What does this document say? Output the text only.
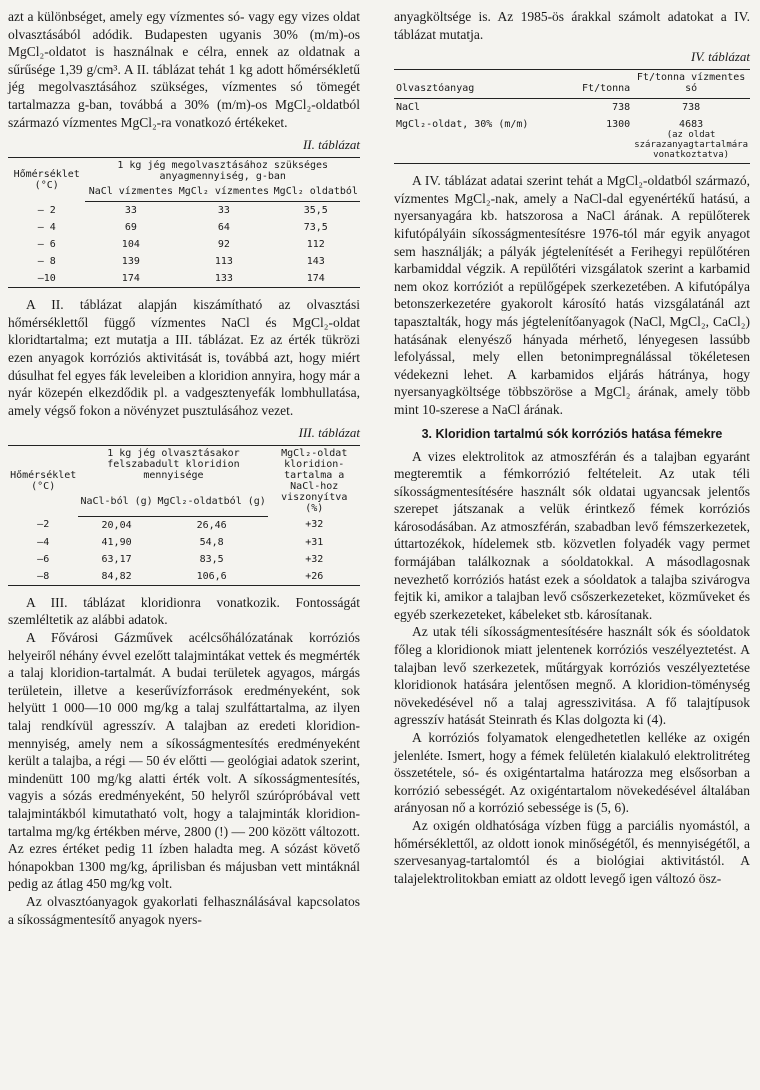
azt a különbséget, amely egy vízmentes só- vagy egy vizes oldat olvasztásából adódik. Budapesten ugyanis 30% (m/m)-os MgCl₂-oldatot is használnak e célra, ennek az oldatnak a sűrűsége 1,39 g/cm³. A II. táblázat tehát 1 kg adott hőmérsékletű jég megolvasztásához szükséges, vízmentes só tömegét tartalmazza g-ban, továbbá a 30% (m/m)-os MgCl₂-oldatból származó vízmentes MgCl₂-ra vonatkozó értékeket.

II. táblázat
Hőmérséklet (°C)	1 kg jég megolvasztásához szükséges anyagmennyiség, g-ban		
	NaCl vízmentes	MgCl₂ vízmentes	MgCl₂ oldatból
— 2	33	33	35,5
— 4	69	64	73,5
— 6	104	92	112
— 8	139	113	143
—10	174	133	174

A II. táblázat alapján kiszámítható az olvasztási hőmérséklettől függő vízmentes NaCl és MgCl₂-oldat kloridtartalma; ezt mutatja a III. táblázat. Ez az érték tükrözi ezen anyagok korróziós aktivitását is, továbbá azt, hogy miért dúsulhat fel egyes fák leveleiben a kloridion annyira, hogy már a nyár közepén elkezdődik pl. a vadgesztenyefák lombhullatása, amely végső fokon a növényzet pusztulásához vezet.

III. táblázat
Hőmérséklet (°C)	1 kg jég olvasztásakor felszabadult kloridion mennyisége		MgCl₂-oldat kloridion-tartalma a NaCl-hoz viszonyítva (%)
	NaCl-ból (g)	MgCl₂-oldatból (g)	
—2	20,04	26,46	+32
—4	41,90	54,8	+31
—6	63,17	83,5	+32
—8	84,82	106,6	+26

A III. táblázat kloridionra vonatkozik. Fontosságát szemléltetik az alábbi adatok.

A Fővárosi Gázművek acélcsőhálózatának korróziós helyeiről néhány évvel ezelőtt talajmintákat vettek és megmérték a talaj kloridion-tartalmát. A budai területek agyagos, márgás területein, illetve a keserűvízforrások eredményeként, sok helyütt 1 000—10 000 mg/kg a talaj szulfáttartalma, az ilyen talaj rendkívül agresszív. A talajban az eredeti kloridion-mennyiség, amely nem a síkosságmentesítés eredményeként került a talajba, a régi — 50 év előtti — geológiai adatok szerint, mindenütt 100 mg/kg alatti érték volt. A síkosságmentesítés, vagyis a sózás eredményeként, 50 helyről szúrópróbával vett talajmintákból kimutatható volt, hogy a talajminták kloridion-tartalma mg/kg értékben mérve, 2800 (!) — 200 között változott. Az ezres értéket pedig 11 ízben haladta meg. A sózást követő hónapokban 1300 mg/kg, áprilisban és májusban vett mintáknál pedig az átlag 450 mg/kg volt.

Az olvasztóanyagok gyakorlati felhasználásával kapcsolatos a síkosságmentesítő anyagok nyers-

anyagköltsége is. Az 1985-ös árakkal számolt adatokat a IV. táblázat mutatja.

IV. táblázat
Olvasztóanyag	Ft/tonna	Ft/tonna vízmentes só
NaCl	738	738
MgCl₂-oldat, 30% (m/m)	1300	4683
(az oldat szárazanyagtartalmára vonatkoztatva)

A IV. táblázat adatai szerint tehát a MgCl₂-oldatból származó, vízmentes MgCl₂-nak, amely a NaCl-dal egyenértékű hatású, a nyersanyagára kb. hatszorosa a NaCl árának. A repülőterek kifutópályáin síkosságmentesítésre 1976-tól már egyik anyagot sem használják; a pályák jégtelenítését a Ferihegyi repülőtéren karbamiddal végzik. A repülőtéri vizsgálatok szerint a karbamid nem okoz korróziót a repülőgépek szerkezetében. A kifutópálya betonszerkezetére gyakorolt károsító hatás vizsgálatánál azt tapasztalták, hogy más jégtelenítőanyagok (NaCl, MgCl₂, CaCl₂) hatásának elenyésző hányada mérhető, lényegesen lassúbb lefolyással, mely ellen betonimpregnálással tökéletesen védekezni lehet. A karbamidos eljárás hátránya, hogy nyersanyagköltsége többszöröse a MgCl₂ árának, amely több mint 10-szerese a NaCl árának.

3. Kloridion tartalmú sók korróziós hatása fémekre

A vizes elektrolitok az atmoszférán és a talajban egyaránt megteremtik a fémkorrózió feltételeit. Az utak téli síkosságmentesítésére használt sók oldatai ugyancsak jelentős szerepet játszanak a velük érintkező fémek korróziós károsodásában. Az atmoszférán, szabadban levő fémszerkezetek, úttartozékok, hídelemek stb. közvetlen folyadék vagy permet formájában találkoznak a sóoldatokkal. A másodlagosnak nevezhető korróziós hatást ezek a sóoldatok a talajba szivárogva fejtik ki, amikor a talajban levő csőszerkezeteket, közműveket és egyéb szerkezeteket, kábeleket stb. károsítanak.

Az utak téli síkosságmentesítésére használt sók és sóoldatok főleg a kloridionok miatt jelentenek korróziós veszélyeztetést. A talajban levő szerkezetek, műtárgyak korróziós veszélyeztetése kloridionok hatására jelentősen megnő. A kloridion-töménység növekedésével nő a talaj agresszivitása. A fő talajtípusok agresszív hatását Steinrath és Klas dolgozta ki (4).

A korróziós folyamatok elengedhetetlen kelléke az oxigén jelenléte. Ismert, hogy a fémek felületén kialakuló elektrolitréteg összetétele, só- és oxigéntartalma határozza meg elsősorban a korrózió sebességét. Az oxigéntartalom növekedésével általában arányosan nő a korrózió sebessége is (5, 6).

Az oxigén oldhatósága vízben függ a parciális nyomástól, a hőmérséklettől, az oldott ionok minőségétől, és mennyiségétől, a szervesanyag-tartalomtól és a biológiai aktivitástól. A talajelektrolitokban emiatt az oldott levegő igen változó ösz-
